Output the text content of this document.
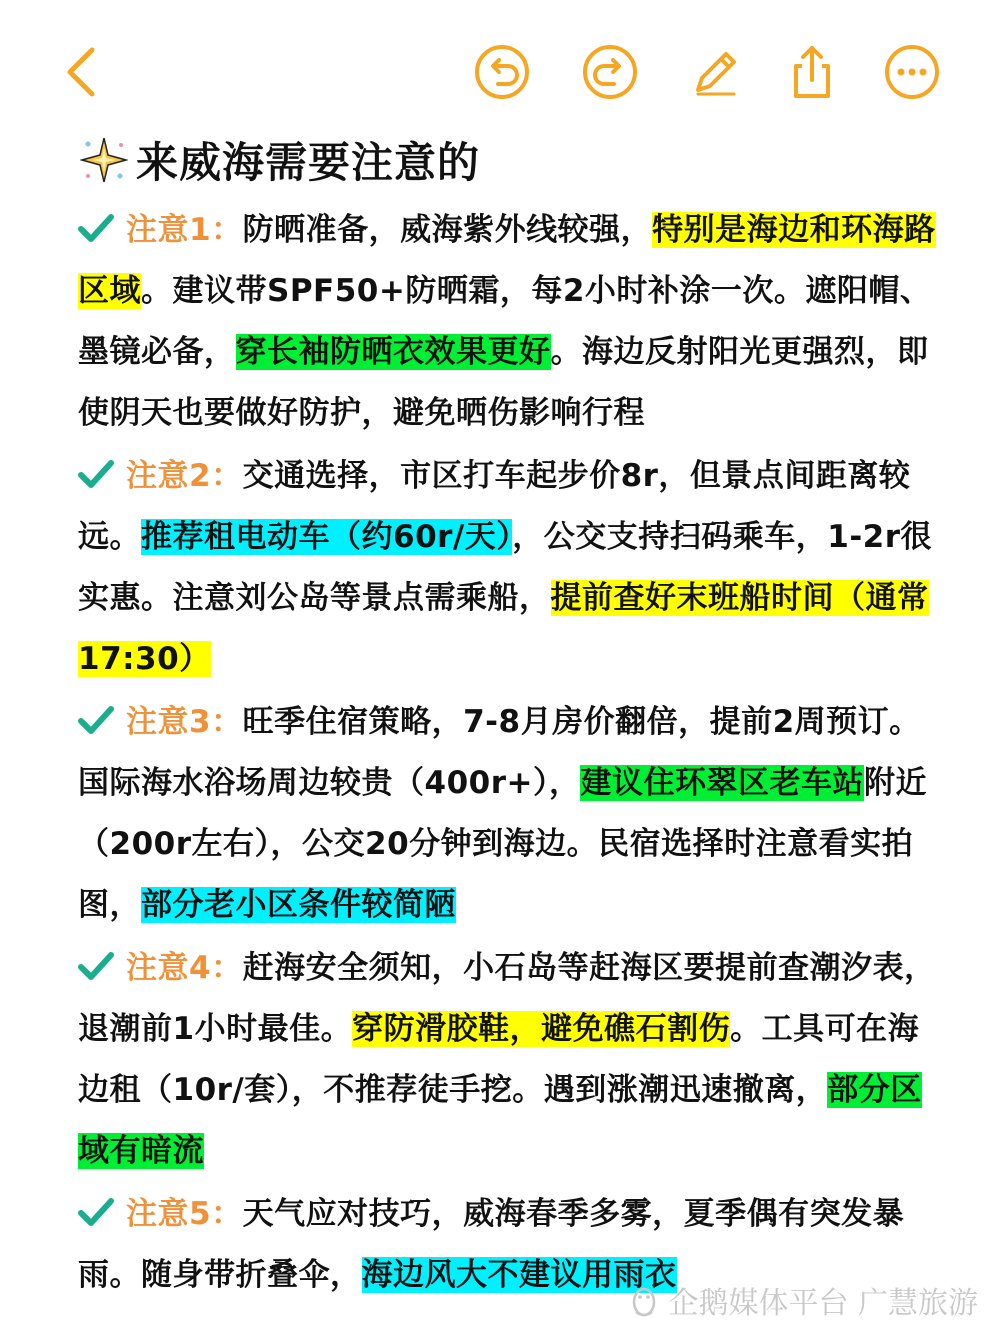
来威海需要注意的
注意1：防晒准备，威海紫外线较强，特别是海边和环海路区域。建议带SPF50+防晒霜，每2小时补涂一次。遮阳帽、墨镜必备，穿长袖防晒衣效果更好。海边反射阳光更强烈，即使阴天也要做好防护，避免晒伤影响行程
注意2：交通选择，市区打车起步价8r，但景点间距离较远。推荐租电动车（约60r/天），公交支持扫码乘车，1-2r很实惠。注意刘公岛等景点需乘船，提前查好末班船时间（通常17:30）
注意3：旺季住宿策略，7-8月房价翻倍，提前2周预订。国际海水浴场周边较贵（400r+），建议住环翠区老车站附近（200r左右），公交20分钟到海边。民宿选择时注意看实拍图，部分老小区条件较简陋
注意4：赶海安全须知，小石岛等赶海区要提前查潮汐表，退潮前1小时最佳。穿防滑胶鞋，避免礁石割伤。工具可在海边租（10r/套），不推荐徒手挖。遇到涨潮迅速撤离，部分区域有暗流
注意5：天气应对技巧，威海春季多雾，夏季偶有突发暴雨。随身带折叠伞，海边风大不建议用雨衣
企鹅媒体平台 广慧旅游
